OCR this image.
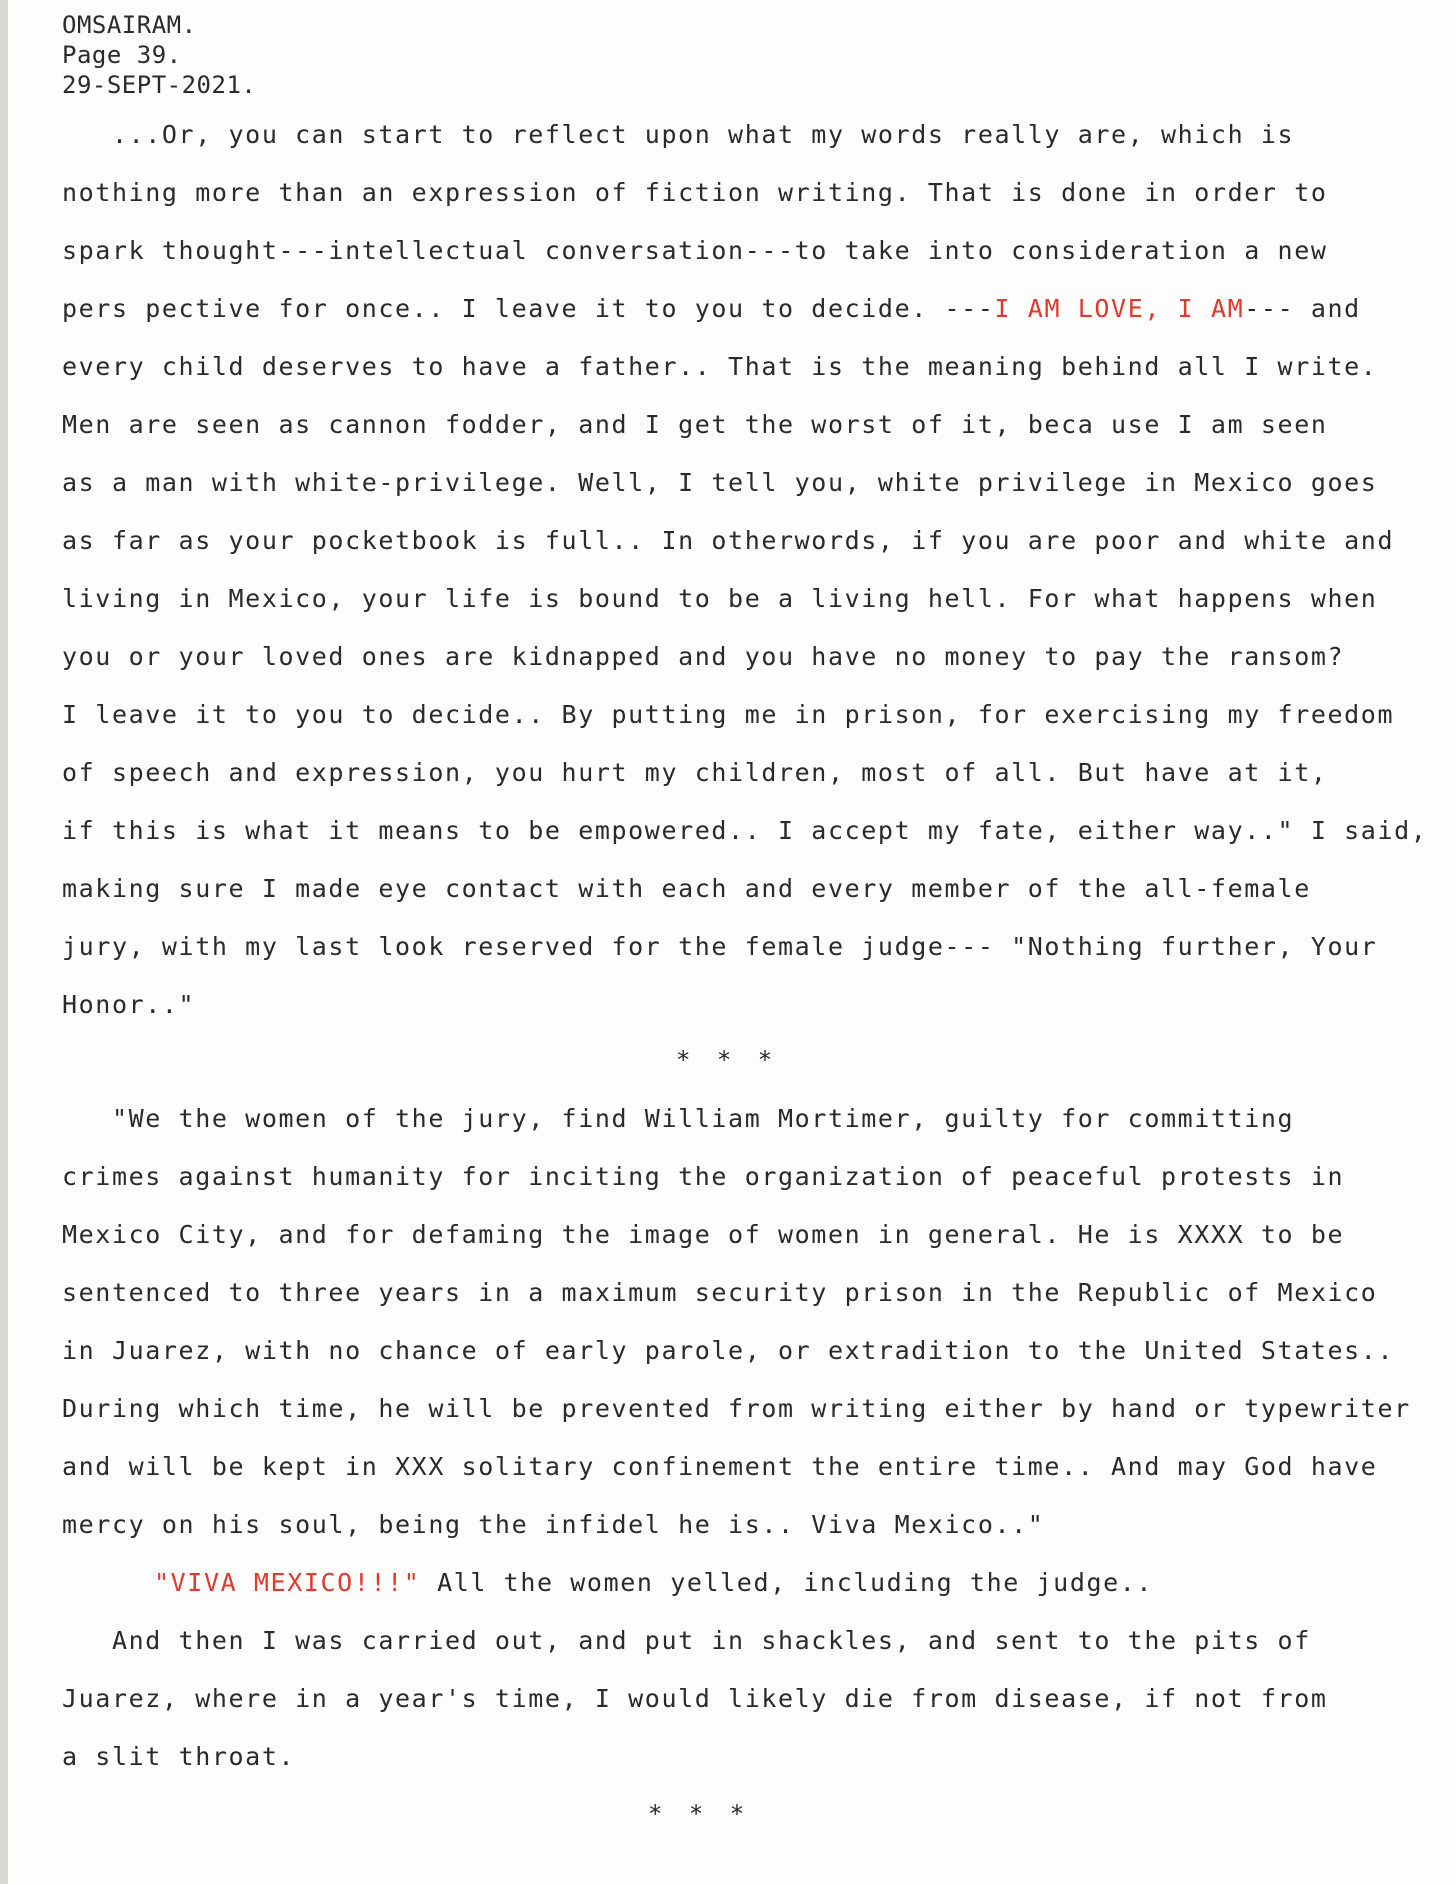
OMSAIRAM.
Page 39.
29-SEPT-2021.
...Or, you can start to reflect upon what my words really are, which is
nothing more than an expression of fiction writing. That is done in order to
spark thought---intellectual conversation---to take into consideration a new
pers pective for once.. I leave it to you to decide. ---I AM LOVE, I AM--- and
every child deserves to have a father.. That is the meaning behind all I write.
Men are seen as cannon fodder, and I get the worst of it, beca use I am seen
as a man with white-privilege. Well, I tell you, white privilege in Mexico goes
as far as your pocketbook is full.. In otherwords, if you are poor and white and
living in Mexico, your life is bound to be a living hell. For what happens when
you or your loved ones are kidnapped and you have no money to pay the ransom?
I leave it to you to decide.. By putting me in prison, for exercising my freedom
of speech and expression, you hurt my children, most of all. But have at it,
if this is what it means to be empowered.. I accept my fate, either way.." I said,
making sure I made eye contact with each and every member of the all-female
jury, with my last look reserved for the female judge--- "Nothing further, Your
Honor.."
* * *
"We the women of the jury, find William Mortimer, guilty for committing
crimes against humanity for inciting the organization of peaceful protests in
Mexico City, and for defaming the image of women in general. He is XXXX to be
sentenced to three years in a maximum security prison in the Republic of Mexico
in Juarez, with no chance of early parole, or extradition to the United States..
During which time, he will be prevented from writing either by hand or typewriter
and will be kept in XXX solitary confinement the entire time.. And may God have
mercy on his soul, being the infidel he is.. Viva Mexico.."
"VIVA MEXICO!!!" All the women yelled, including the judge..
And then I was carried out, and put in shackles, and sent to the pits of
Juarez, where in a year's time, I would likely die from disease, if not from
a slit throat.
* * *
